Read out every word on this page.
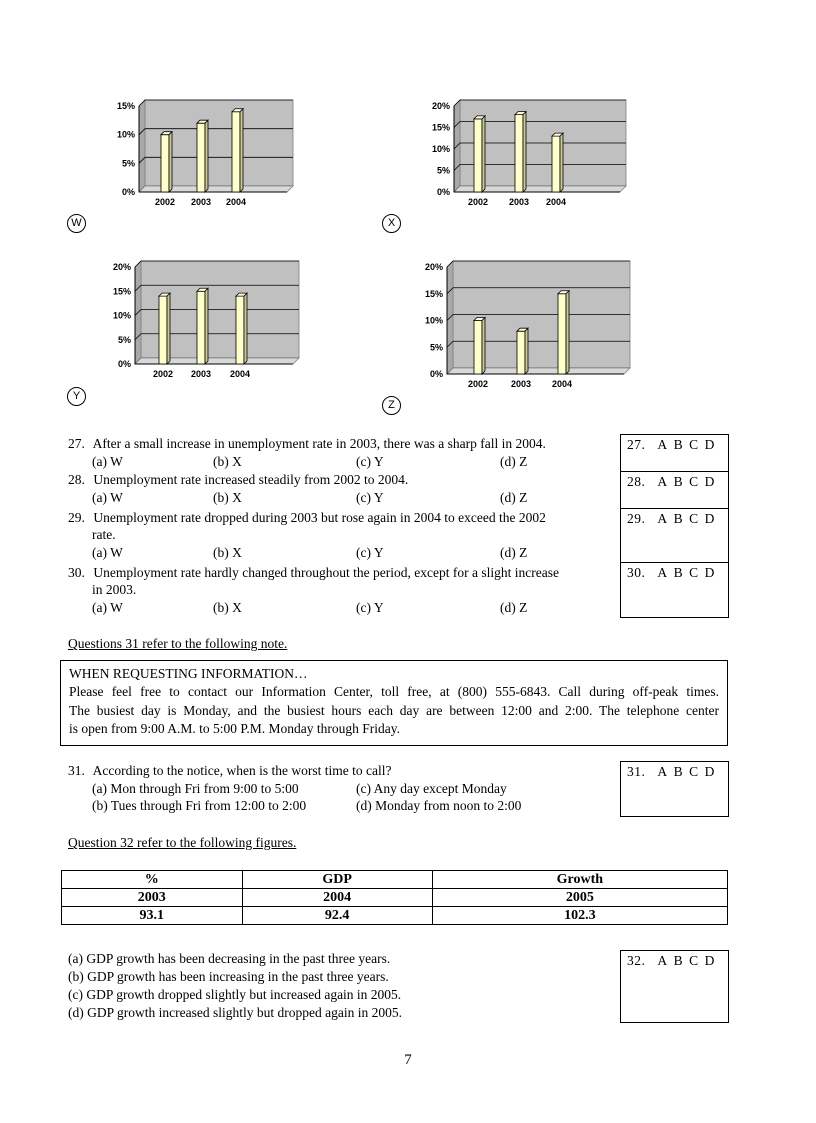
0%
5%
10%
15%
2002 2003 2004
0%
5%
10%
15%
20%
2002 2003 2004
0%
5%
10%
15%
20%
2002 2003 2004	0%
5%
10%
15%
20%
2002	2003 2004
W	X
Y
Z
27. After a small increase in unemployment rate in 2003, there was a sharp fall in 2004.
(a) W	(b) X	(c) Y	(d) Z
28. Unemployment rate increased steadily from 2002 to 2004.
(a) W	(b) X	(c) Y	(d) Z
29. Unemployment rate dropped during 2003 but rose again in 2004 to exceed the 2002
rate.
(a) W	(b) X	(c) Y	(d) Z
30. Unemployment rate hardly changed throughout the period, except for a slight increase
in 2003.
(a) W	(b) X	(c) Y	(d) Z
27. A B C D
28. A B C D
29. A B C D
30. A B C D
Questions 31 refer to the following note.
WHEN REQUESTING INFORMATION…
Please feel free to contact our Information Center, toll free, at (800) 555-6843. Call during off-peak times.
The busiest day is Monday, and the busiest hours each day are between 12:00 and 2:00. The telephone center
is open from 9:00 A.M. to 5:00 P.M. Monday through Friday.
31. According to the notice, when is the worst time to call?
(a) Mon through Fri from 9:00 to 5:00	(c) Any day except Monday
(b) Tues through Fri from 12:00 to 2:00	(d) Monday from noon to 2:00
31. A B C D
Question 32 refer to the following figures.
%	GDP	Growth
2003	2004	2005
93.1	92.4	102.3
(a) GDP growth has been decreasing in the past three years.
(b) GDP growth has been increasing in the past three years.
(c) GDP growth dropped slightly but increased again in 2005.
(d) GDP growth increased slightly but dropped again in 2005.
32. A B C D
7
